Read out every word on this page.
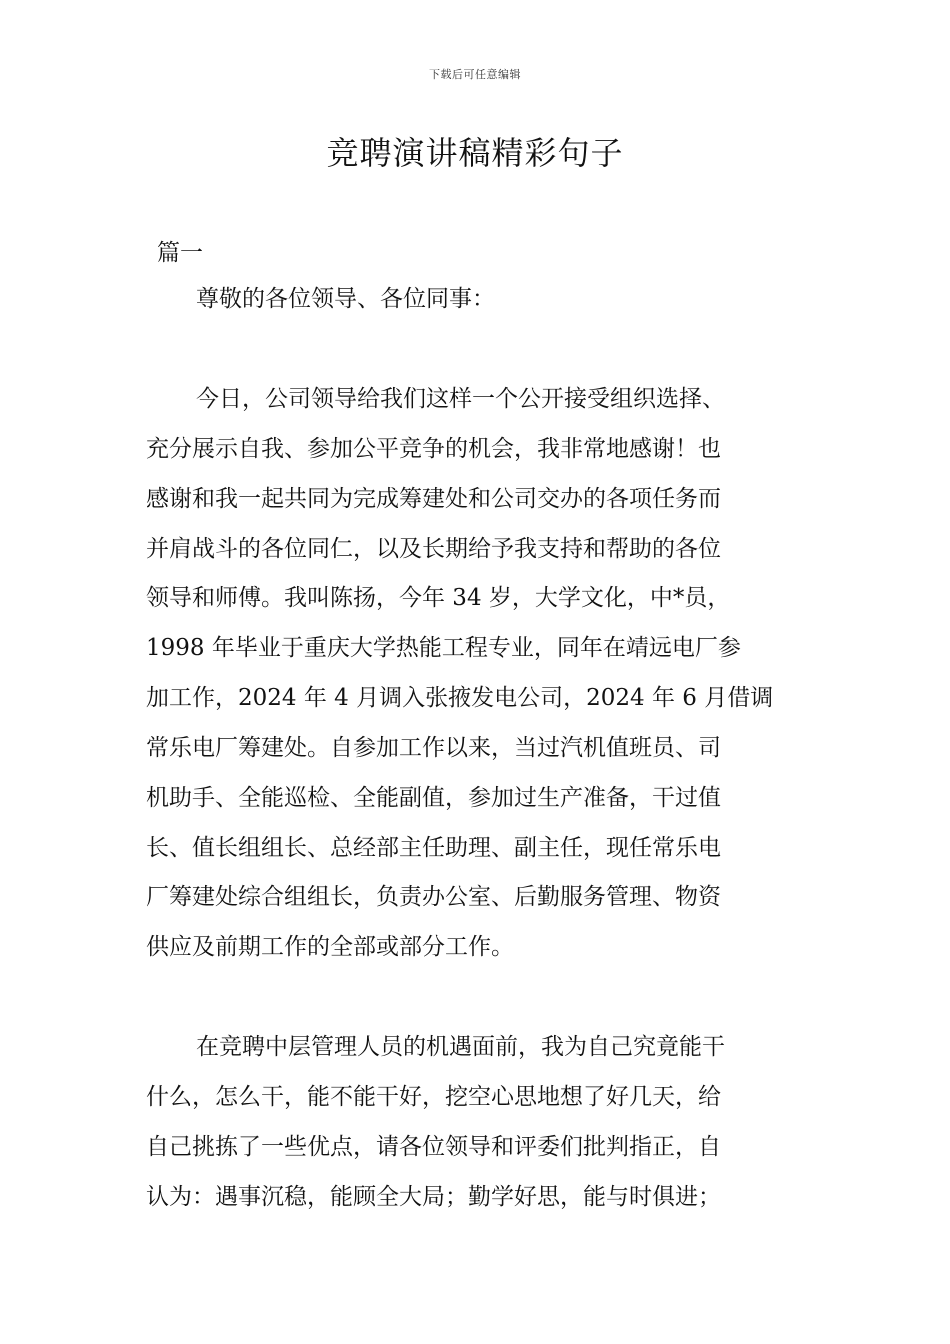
下载后可任意编辑
竞聘演讲稿精彩句子
篇一
尊敬的各位领导、各位同事：
今日，公司领导给我们这样一个公开接受组织选择、
充分展示自我、参加公平竞争的机会，我非常地感谢！也
感谢和我一起共同为完成筹建处和公司交办的各项任务而
并肩战斗的各位同仁，以及长期给予我支持和帮助的各位
领导和师傅。我叫陈扬，今年 34 岁，大学文化，中*员，
1998 年毕业于重庆大学热能工程专业，同年在靖远电厂参
加工作，2024 年 4 月调入张掖发电公司，2024 年 6 月借调
常乐电厂筹建处。自参加工作以来，当过汽机值班员、司
机助手、全能巡检、全能副值，参加过生产准备，干过值
长、值长组组长、总经部主任助理、副主任，现任常乐电
厂筹建处综合组组长，负责办公室、后勤服务管理、物资
供应及前期工作的全部或部分工作。
在竞聘中层管理人员的机遇面前，我为自己究竟能干
什么，怎么干，能不能干好，挖空心思地想了好几天，给
自己挑拣了一些优点，请各位领导和评委们批判指正，自
认为：遇事沉稳，能顾全大局；勤学好思，能与时俱进；
